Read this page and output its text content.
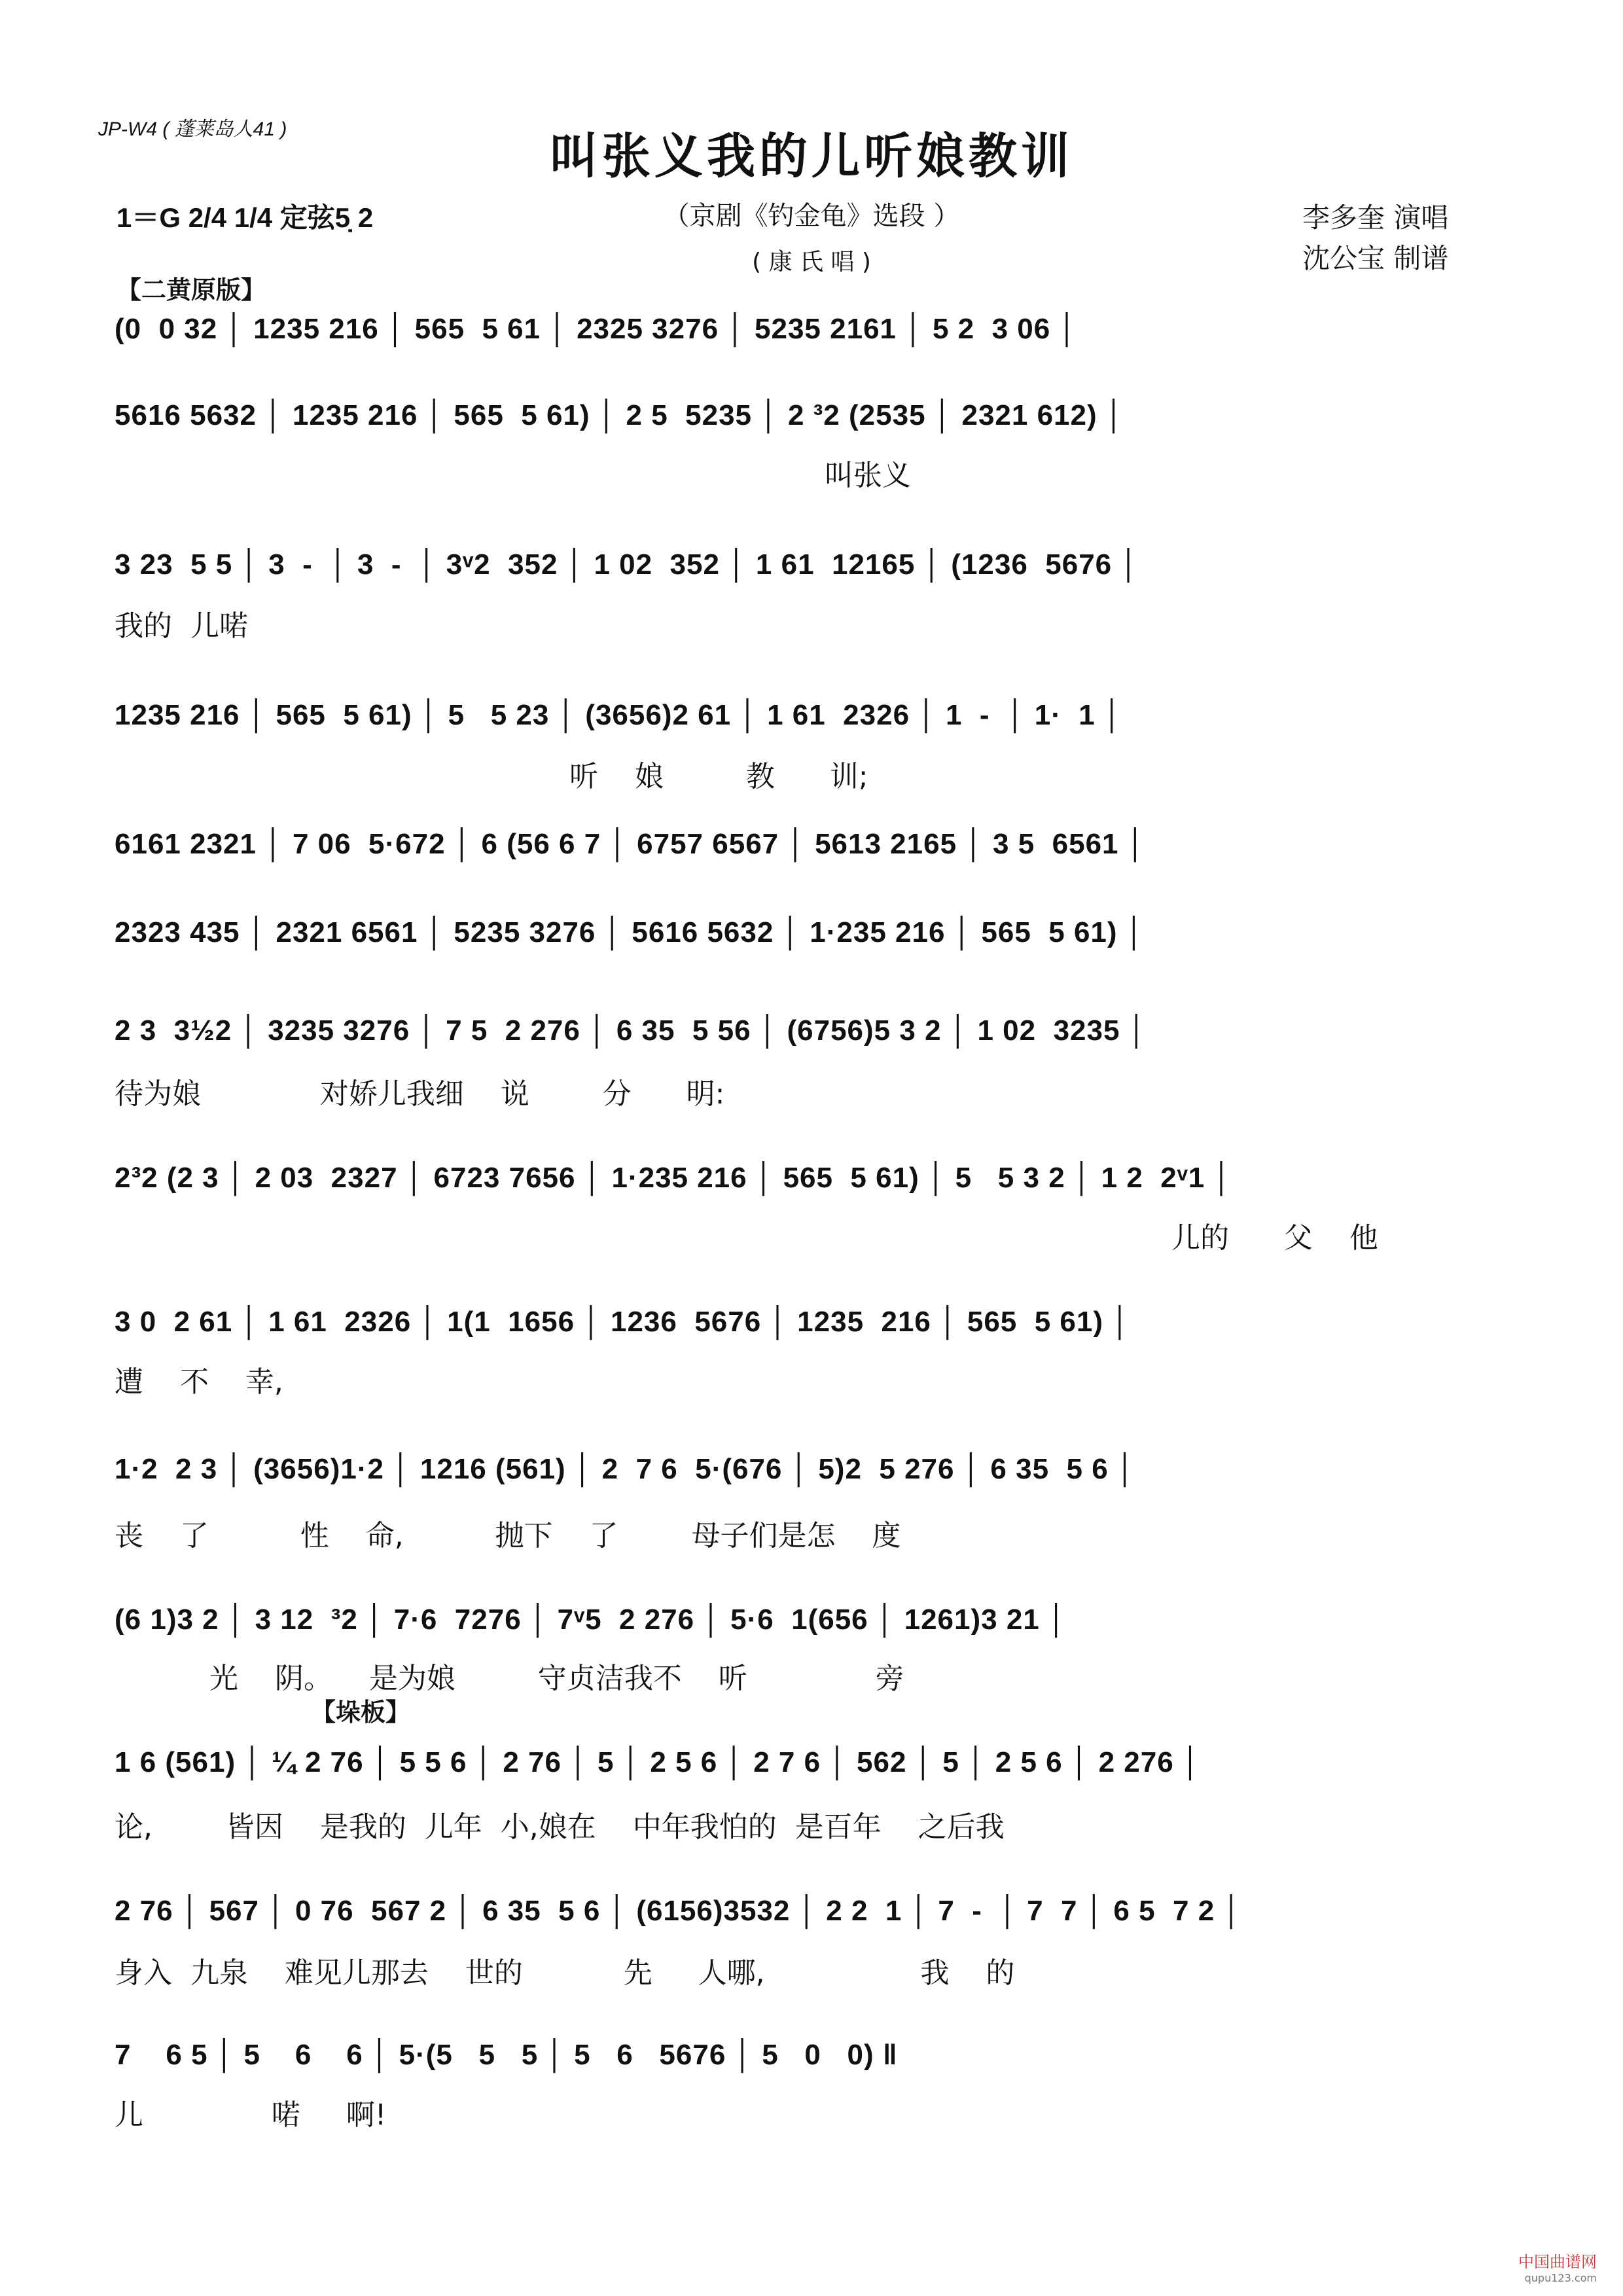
JP-W4 ( 蓬莱岛人41 )	叫张义我的儿听娘教训
1＝G 2/4 1/4 定弦5̣ 2	（京剧《钓金龟》选段 ）
( 康 氏 唱 )
李多奎 演唱
沈公宝 制谱
【二黄原版】
【垛板】
(0  0 32 │ 1235 216 │ 565  5 61 │ 2325 3276 │ 5235 2161 │ 5 2  3 06 │
5616 5632 │ 1235 216 │ 565  5 61) │ 2 5  5235 │ 2 ³2 (2535 │ 2321 612) │
叫张义
3 23  5 5 │ 3  -  │ 3  -  │ 3ᵛ2  352 │ 1 02  352 │ 1 61  12165 │ (1236  5676 │
我的  儿喏
1235 216 │ 565  5 61) │ 5   5 23 │ (3656)2 61 │ 1 61  2326 │ 1  -  │ 1·  1 │
听    娘         教      训;
6161 2321 │ 7 06  5·672 │ 6 (56 6 7 │ 6757 6567 │ 5613 2165 │ 3 5  6561 │
2323 435 │ 2321 6561 │ 5235 3276 │ 5616 5632 │ 1·235 216 │ 565  5 61) │
2 3  3½2 │ 3235 3276 │ 7 5  2 276 │ 6 35  5 56 │ (6756)5 3 2 │ 1 02  3235 │
待为娘             对娇儿我细    说        分      明:
2³2 (2 3 │ 2 03  2327 │ 6723 7656 │ 1·235 216 │ 565  5 61) │ 5   5 3 2 │ 1 2  2ᵛ1 │
儿的      父    他
3 0  2 61 │ 1 61  2326 │ 1(1  1656 │ 1236  5676 │ 1235  216 │ 565  5 61) │
遭    不    幸,
1·2  2 3 │ (3656)1·2 │ 1216 (561) │ 2  7 6  5·(676 │ 5)2  5 276 │ 6 35  5 6 │
丧    了          性    命,          抛下    了        母子们是怎    度
(6 1)3 2 │ 3 12  ³2 │ 7·6  7276 │ 7ᵛ5  2 276 │ 5·6  1(656 │ 1261)3 21 │
光    阴。    是为娘         守贞洁我不    听              旁
1 6 (561) │ ¼ 2 76 │ 5 5 6 │ 2 76 │ 5 │ 2 5 6 │ 2 7 6 │ 562 │ 5 │ 2 5 6 │ 2 276 │
论,        皆因    是我的  儿年  小,娘在    中年我怕的  是百年    之后我
2 76 │ 567 │ 0 76  567 2 │ 6 35  5 6 │ (6156)3532 │ 2 2  1 │ 7  -  │ 7  7 │ 6 5  7 2 │
身入  九泉    难见儿那去    世的           先     人哪,                 我    的
7    6 5 │ 5    6    6 │ 5·(5   5   5 │ 5   6   5676 │ 5   0   0) ‖
儿              喏     啊!
中国曲谱网
qupu123.com
